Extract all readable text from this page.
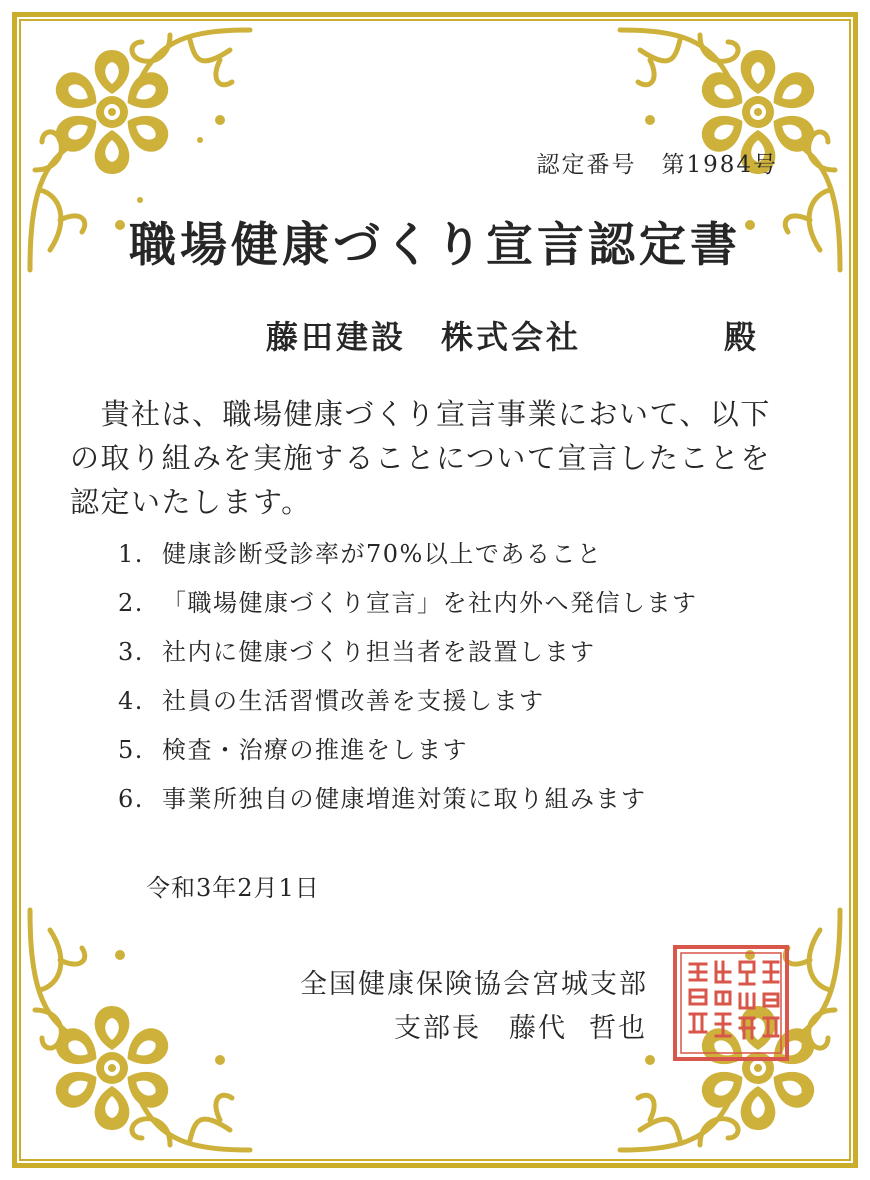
認定番号　第1984号
職場健康づくり宣言認定書
藤田建設　株式会社	殿
　貴社は、職場健康づくり宣言事業において、以下
の取り組みを実施することについて宣言したことを
認定いたします。
1. 健康診断受診率が70%以上であること
2. 「職場健康づくり宣言」を社内外へ発信します
3. 社内に健康づくり担当者を設置します
4. 社員の生活習慣改善を支援します
5. 検査・治療の推進をします
6. 事業所独自の健康増進対策に取り組みます
令和3年2月1日
全国健康保険協会宮城支部
支部長 藤代 哲也
